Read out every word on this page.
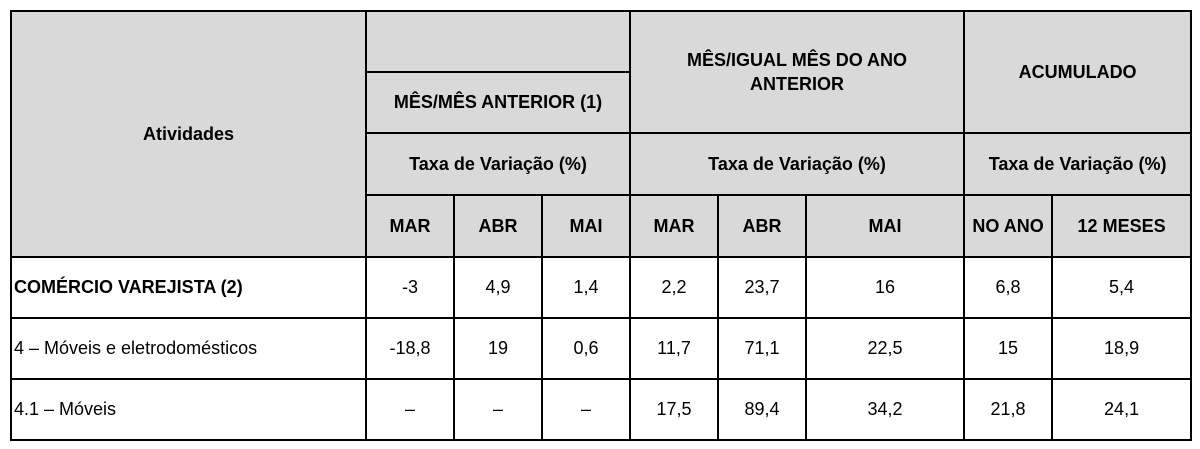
Atividades				MÊS/IGUAL MÊS DO ANO
ANTERIOR			ACUMULADO	
	MÊS/MÊS ANTERIOR (1)							
	Taxa de Variação (%)			Taxa de Variação (%)			Taxa de Variação (%)	
	MAR	ABR	MAI	MAR	ABR	MAI	NO ANO	12 MESES
COMÉRCIO VAREJISTA (2)	-3	4,9	1,4	2,2	23,7	16	6,8	5,4
4 – Móveis e eletrodomésticos	-18,8	19	0,6	11,7	71,1	22,5	15	18,9
4.1 – Móveis	–	–	–	17,5	89,4	34,2	21,8	24,1
